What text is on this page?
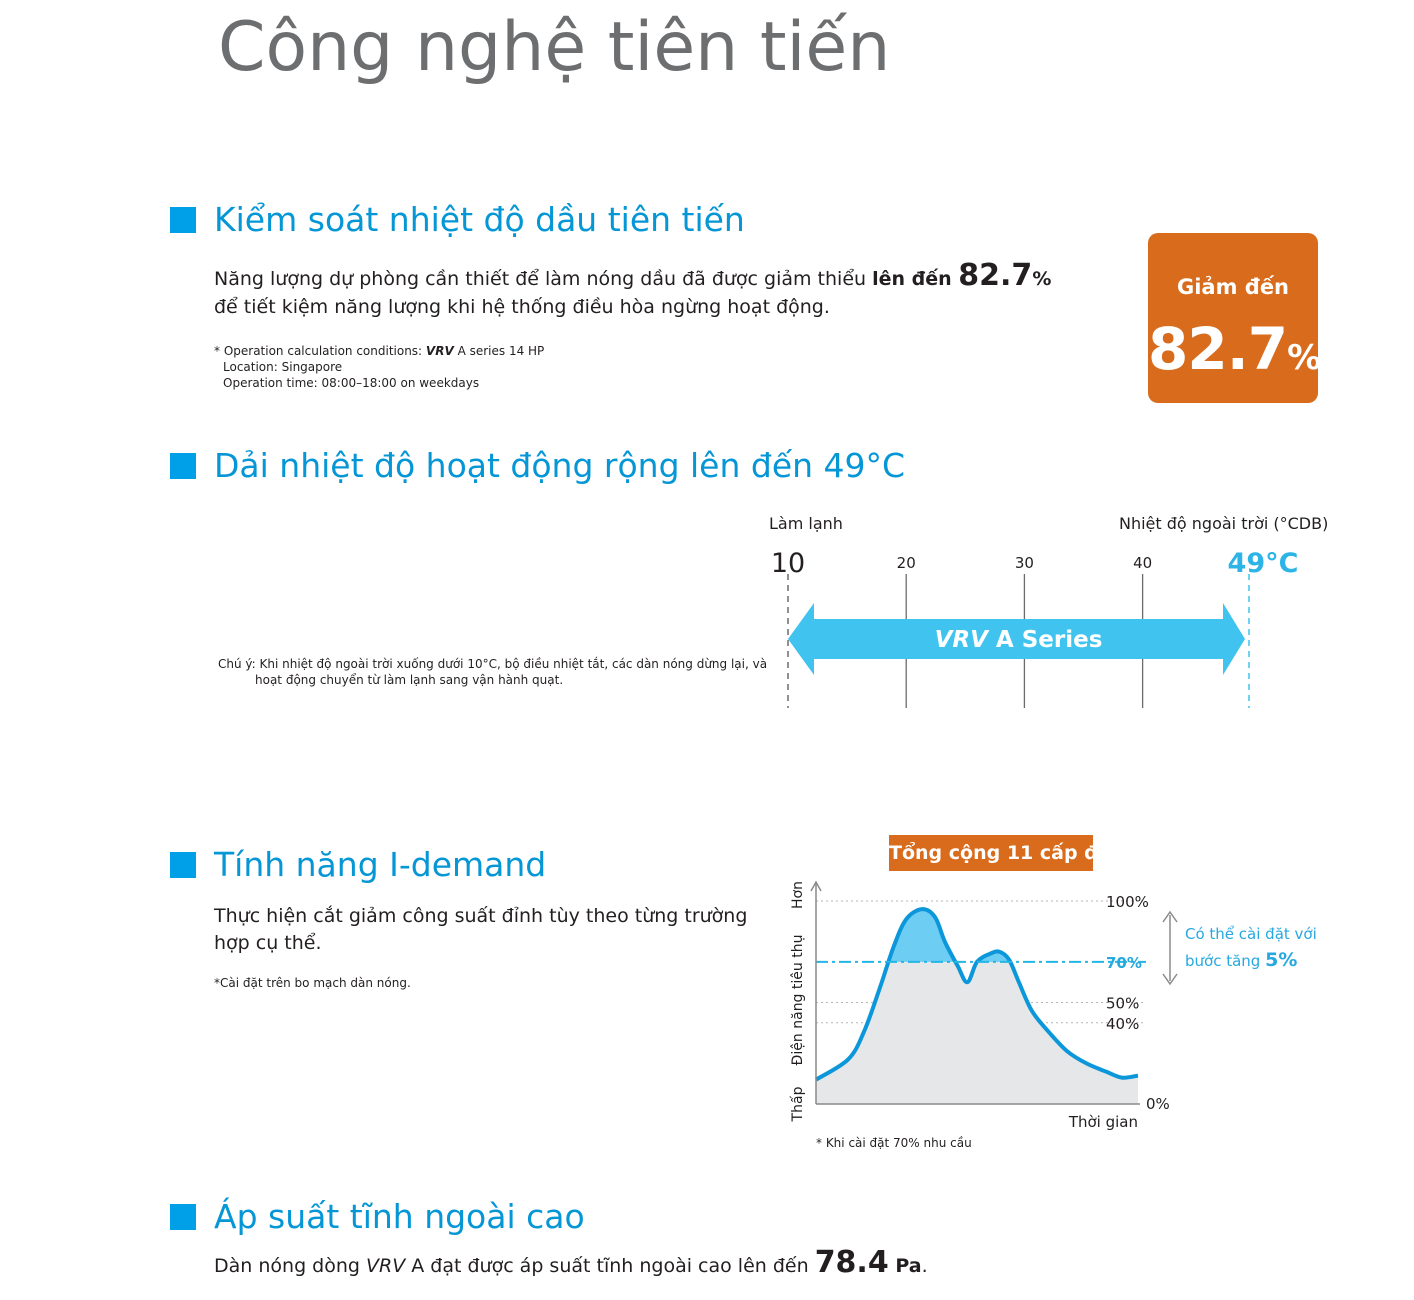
Công nghệ tiên tiến
Kiểm soát nhiệt độ dầu tiên tiến
Năng lượng dự phòng cần thiết để làm nóng dầu đã được giảm thiểu lên đến 82.7%
để tiết kiệm năng lượng khi hệ thống điều hòa ngừng hoạt động.
* Operation calculation conditions: VRV A series 14 HP
Location: Singapore
Operation time: 08:00–18:00 on weekdays
Giảm đến
82.7%
Dải nhiệt độ hoạt động rộng lên đến 49°C
Chú ý: Khi nhiệt độ ngoài trời xuống dưới 10°C, bộ điều nhiệt tắt, các dàn nóng dừng lại, và
hoạt động chuyển từ làm lạnh sang vận hành quạt.
Làm lạnh	Nhiệt độ ngoài trời (°CDB)
10	20	30	40	49°C
VRV A Series
Tính năng I-demand
Thực hiện cắt giảm công suất đỉnh tùy theo từng trường
hợp cụ thể.
*Cài đặt trên bo mạch dàn nóng.
Tổng cộng 11 cấp độ
100%
70%
50%
40%
0%
Thời gian
Hơn
Điện năng tiêu thụ
Thấp
Có thể cài đặt với
bước tăng 5%
* Khi cài đặt 70% nhu cầu
Áp suất tĩnh ngoài cao
Dàn nóng dòng VRV A đạt được áp suất tĩnh ngoài cao lên đến 78.4 Pa.
